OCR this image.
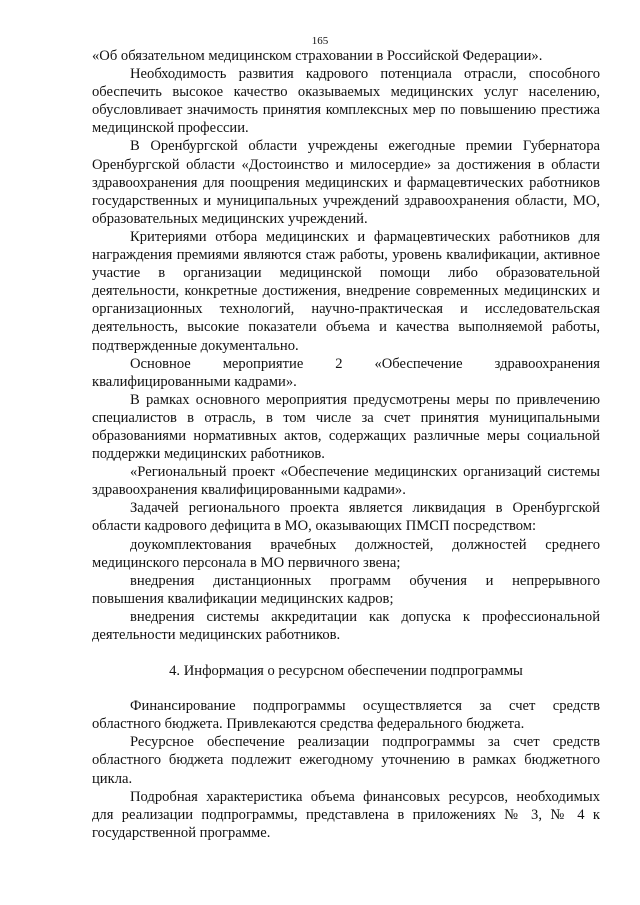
165

«Об обязательном медицинском страховании в Российской Федерации».

Необходимость развития кадрового потенциала отрасли, способного обеспечить высокое качество оказываемых медицинских услуг населению, обусловливает значимость принятия комплексных мер по повышению престижа медицинской профессии.

В Оренбургской области учреждены ежегодные премии Губернатора Оренбургской области «Достоинство и милосердие» за достижения в области здравоохранения для поощрения медицинских и фармацевтических работников государственных и муниципальных учреждений здравоохранения области, МО, образовательных медицинских учреждений.

Критериями отбора медицинских и фармацевтических работников для награждения премиями являются стаж работы, уровень квалификации, активное участие в организации медицинской помощи либо образовательной деятельности, конкретные достижения, внедрение современных медицинских и организационных технологий, научно-практическая и исследовательская деятельность, высокие показатели объема и качества выполняемой работы, подтвержденные документально.

Основное мероприятие 2 «Обеспечение здравоохранения квалифицированными кадрами».

В рамках основного мероприятия предусмотрены меры по привлечению специалистов в отрасль, в том числе за счет принятия муниципальными образованиями нормативных актов, содержащих различные меры социальной поддержки медицинских работников.

«Региональный проект «Обеспечение медицинских организаций системы здравоохранения квалифицированными кадрами».

Задачей регионального проекта является ликвидация в Оренбургской области кадрового дефицита в МО, оказывающих ПМСП посредством:

доукомплектования врачебных должностей, должностей среднего медицинского персонала в МО первичного звена;

внедрения дистанционных программ обучения и непрерывного повышения квалификации медицинских кадров;

внедрения системы аккредитации как допуска к профессиональной деятельности медицинских работников.

4. Информация о ресурсном обеспечении подпрограммы

Финансирование подпрограммы осуществляется за счет средств областного бюджета. Привлекаются средства федерального бюджета.

Ресурсное обеспечение реализации подпрограммы за счет средств областного бюджета подлежит ежегодному уточнению в рамках бюджетного цикла.

Подробная характеристика объема финансовых ресурсов, необходимых для реализации подпрограммы, представлена в приложениях № 3, № 4 к государственной программе.
